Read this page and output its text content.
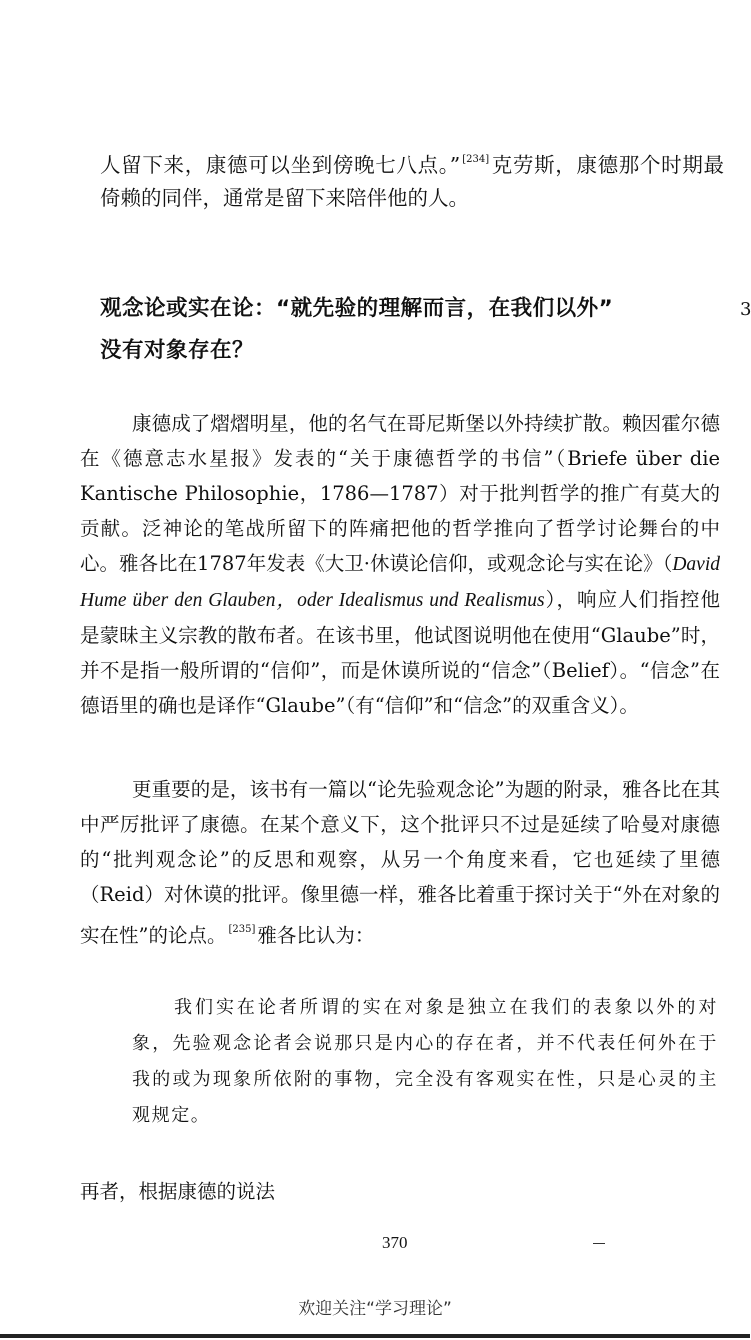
人留下来，康德可以坐到傍晚七八点。” [234]克劳斯，康德那个时期最倚赖的同伴，通常是留下来陪伴他的人。

观念论或实在论：“就先验的理解而言，在我们以外”
没有对象存在？
3

康德成了熠熠明星，他的名气在哥尼斯堡以外持续扩散。赖因霍尔德在《德意志水星报》发表的“关于康德哲学的书信”（Briefe über die Kantische Philosophie，1786—1787）对于批判哲学的推广有莫大的贡献。泛神论的笔战所留下的阵痛把他的哲学推向了哲学讨论舞台的中心。雅各比在1787年发表《大卫·休谟论信仰，或观念论与实在论》（David Hume über den Glauben，oder Idealismus und Realismus），响应人们指控他是蒙昧主义宗教的散布者。在该书里，他试图说明他在使用“Glaube”时，并不是指一般所谓的“信仰”，而是休谟所说的“信念”（Belief）。“信念”在德语里的确也是译作“Glaube”（有“信仰”和“信念”的双重含义）。

更重要的是，该书有一篇以“论先验观念论”为题的附录，雅各比在其中严厉批评了康德。在某个意义下，这个批评只不过是延续了哈曼对康德的“批判观念论”的反思和观察，从另一个角度来看，它也延续了里德（Reid）对休谟的批评。像里德一样，雅各比着重于探讨关于“外在对象的实在性”的论点。 [235] 雅各比认为：

我们实在论者所谓的实在对象是独立在我们的表象以外的对象，先验观念论者会说那只是内心的存在者，并不代表任何外在于我的或为现象所依附的事物，完全没有客观实在性，只是心灵的主观规定。

再者，根据康德的说法

370
欢迎关注“学习理论”
